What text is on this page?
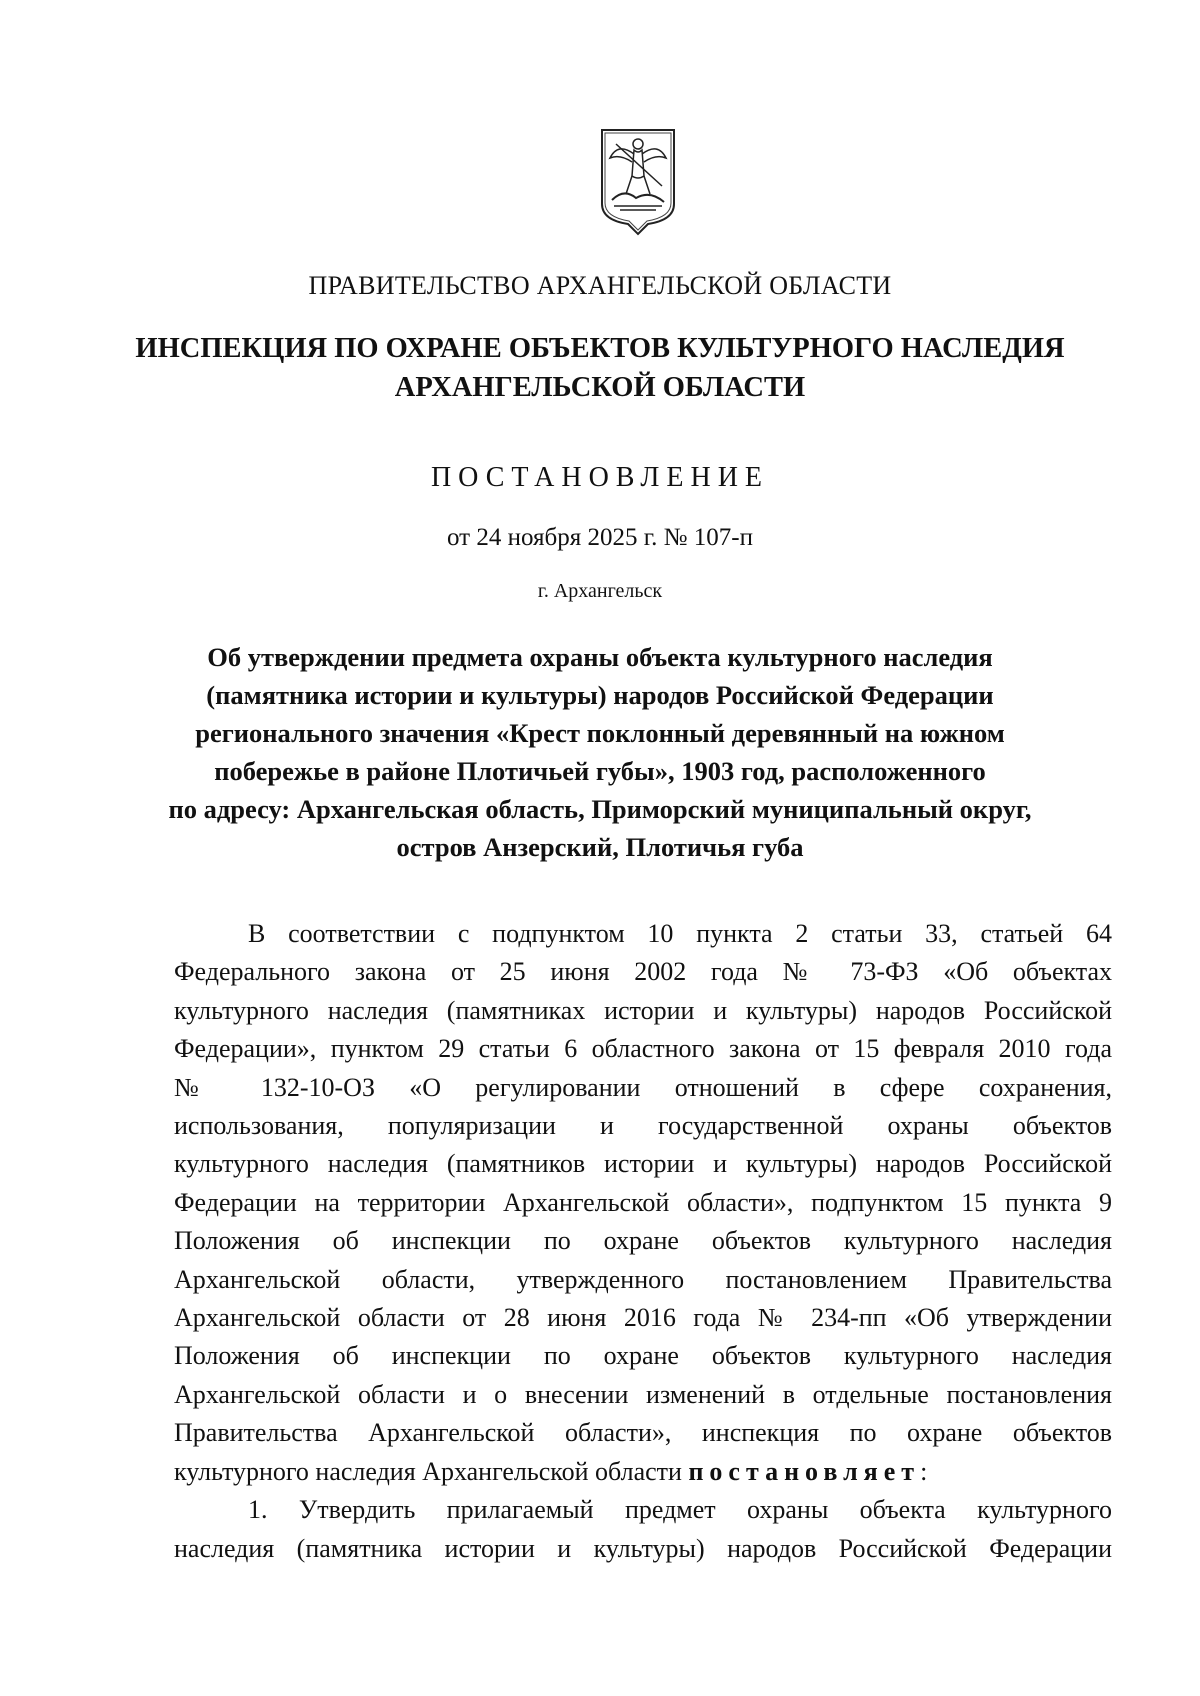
ПРАВИТЕЛЬСТВО АРХАНГЕЛЬСКОЙ ОБЛАСТИ
ИНСПЕКЦИЯ ПО ОХРАНЕ ОБЪЕКТОВ КУЛЬТУРНОГО НАСЛЕДИЯ
АРХАНГЕЛЬСКОЙ ОБЛАСТИ
ПОСТАНОВЛЕНИЕ
от 24 ноября 2025 г. № 107-п
г. Архангельск
Об утверждении предмета охраны объекта культурного наследия
(памятника истории и культуры) народов Российской Федерации
регионального значения «Крест поклонный деревянный на южном
побережье в районе Плотичьей губы», 1903 год, расположенного
по адресу: Архангельская область, Приморский муниципальный округ,
остров Анзерский, Плотичья губа
В соответствии с подпунктом 10 пункта 2 статьи 33, статьей 64
Федерального закона от 25 июня 2002 года № 73-ФЗ «Об объектах
культурного наследия (памятниках истории и культуры) народов Российской
Федерации», пунктом 29 статьи 6 областного закона от 15 февраля 2010 года
№ 132-10-ОЗ «О регулировании отношений в сфере сохранения,
использования, популяризации и государственной охраны объектов
культурного наследия (памятников истории и культуры) народов Российской
Федерации на территории Архангельской области», подпунктом 15 пункта 9
Положения об инспекции по охране объектов культурного наследия
Архангельской области, утвержденного постановлением Правительства
Архангельской области от 28 июня 2016 года № 234-пп «Об утверждении
Положения об инспекции по охране объектов культурного наследия
Архангельской области и о внесении изменений в отдельные постановления
Правительства Архангельской области», инспекция по охране объектов
культурного наследия Архангельской области постановляет:
1. Утвердить прилагаемый предмет охраны объекта культурного
наследия (памятника истории и культуры) народов Российской Федерации
